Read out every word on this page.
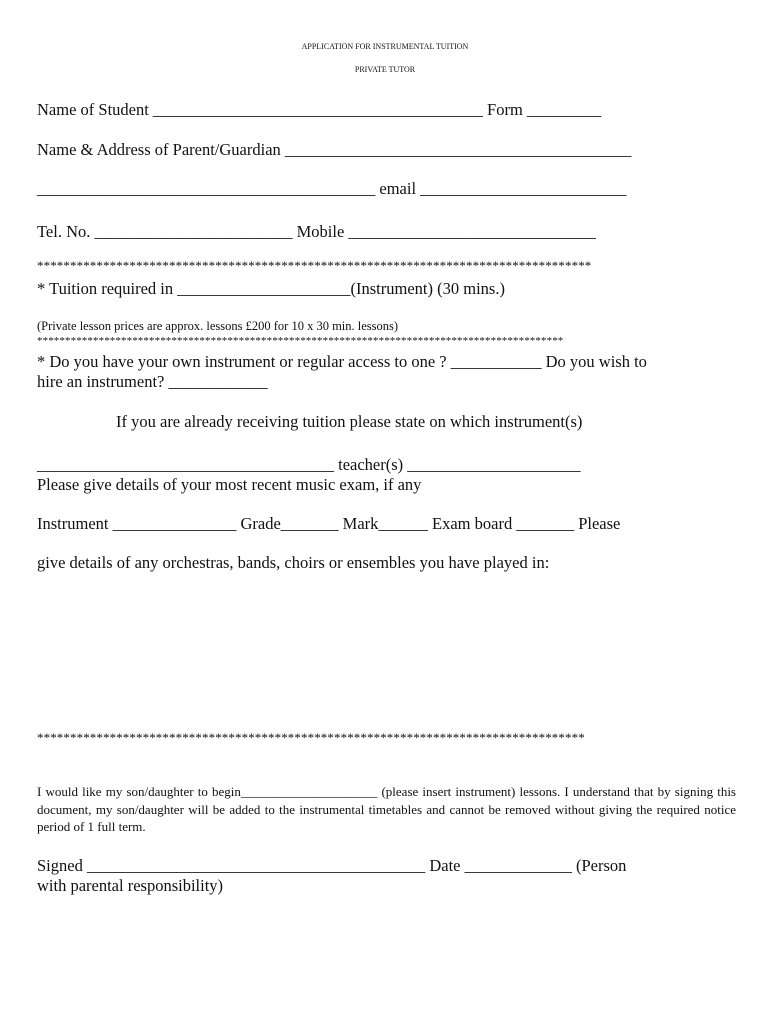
APPLICATION FOR INSTRUMENTAL TUITION
PRIVATE TUTOR
Name of Student ________________________________________ Form _________
Name & Address of Parent/Guardian __________________________________________
_________________________________________ email _________________________
Tel. No. ________________________ Mobile ______________________________
************************************************************************************
* Tuition required in _____________________(Instrument) (30 mins.)
(Private lesson prices are approx. lessons £200 for 10 x 30 min. lessons)
**********************************************************************************************
* Do you have your own instrument or regular access to one ? ___________ Do you wish to
hire an instrument? ____________
If you are already receiving tuition please state on which instrument(s)
____________________________________ teacher(s) _____________________
Please give details of your most recent music exam, if any
Instrument _______________ Grade_______ Mark______ Exam board _______ Please
give details of any orchestras, bands, choirs or ensembles you have played in:
***********************************************************************************
I would like my son/daughter to begin_____________________ (please insert instrument) lessons. I understand that by signing this document, my son/daughter will be added to the instrumental timetables and cannot be removed without giving the required notice period of 1 full term.
Signed _________________________________________ Date _____________ (Person
with parental responsibility)
